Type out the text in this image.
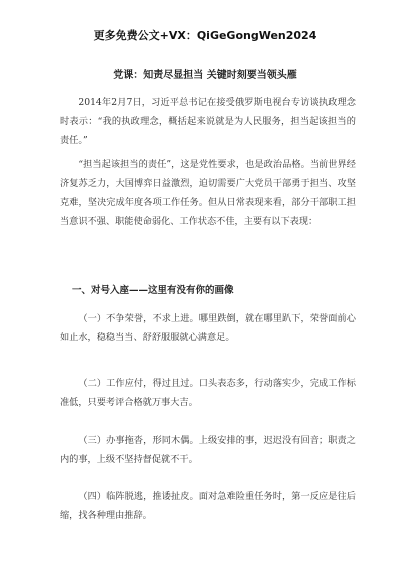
更多免费公文+VX：QiGeGongWen2024
党课：知责尽显担当 关键时刻要当领头雁
2014年2月7日，习近平总书记在接受俄罗斯电视台专访谈执政理念时表示：“我的执政理念，概括起来说就是为人民服务，担当起该担当的责任。”
“担当起该担当的责任”，这是党性要求，也是政治品格。当前世界经济复苏乏力，大国博弈日益激烈，迫切需要广大党员干部勇于担当、攻坚克难，坚决完成年度各项工作任务。但从日常表现来看，部分干部职工担当意识不强、职能使命弱化、工作状态不佳，主要有以下表现：
一、对号入座——这里有没有你的画像
（一）不争荣誉，不求上进。哪里跌倒，就在哪里趴下，荣誉面前心如止水，稳稳当当、舒舒服服就心满意足。
（二）工作应付，得过且过。口头表态多，行动落实少，完成工作标准低，只要考评合格就万事大吉。
（三）办事拖沓，形同木偶。上级安排的事，迟迟没有回音；职责之内的事，上级不坚持督促就不干。
（四）临阵脱逃，推诿扯皮。面对急难险重任务时，第一反应是往后缩，找各种理由推辞。
